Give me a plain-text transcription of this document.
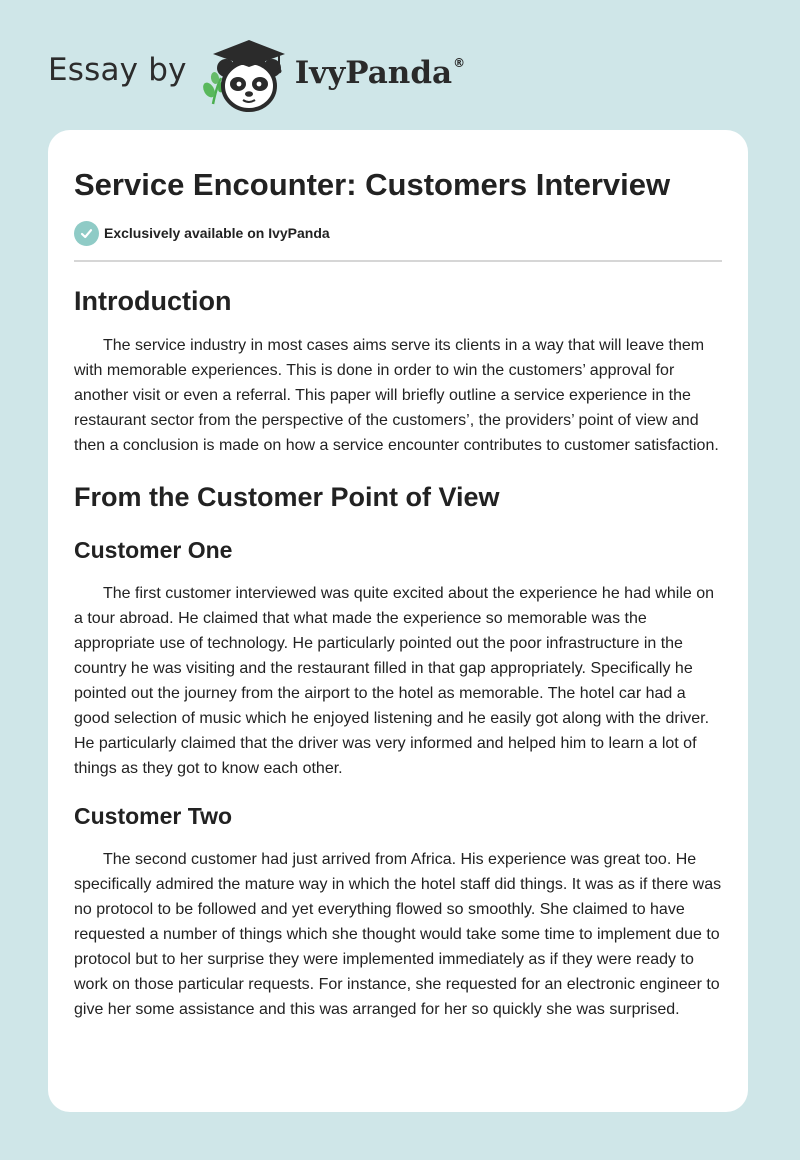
Essay by	IvyPanda ®
Service Encounter: Customers Interview
Exclusively available on IvyPanda
Introduction

The service industry in most cases aims serve its clients in a way that will leave them with memorable experiences. This is done in order to win the customers’ approval for another visit or even a referral. This paper will briefly outline a service experience in the restaurant sector from the perspective of the customers’, the providers’ point of view and then a conclusion is made on how a service encounter contributes to customer satisfaction.

From the Customer Point of View
Customer One

The first customer interviewed was quite excited about the experience he had while on a tour abroad. He claimed that what made the experience so memorable was the appropriate use of technology. He particularly pointed out the poor infrastructure in the country he was visiting and the restaurant filled in that gap appropriately. Specifically he pointed out the journey from the airport to the hotel as memorable. The hotel car had a good selection of music which he enjoyed listening and he easily got along with the driver. He particularly claimed that the driver was very informed and helped him to learn a lot of things as they got to know each other.

Customer Two

The second customer had just arrived from Africa. His experience was great too. He specifically admired the mature way in which the hotel staff did things. It was as if there was no protocol to be followed and yet everything flowed so smoothly. She claimed to have requested a number of things which she thought would take some time to implement due to protocol but to her surprise they were implemented immediately as if they were ready to work on those particular requests. For instance, she requested for an electronic engineer to give her some assistance and this was arranged for her so quickly she was surprised.
